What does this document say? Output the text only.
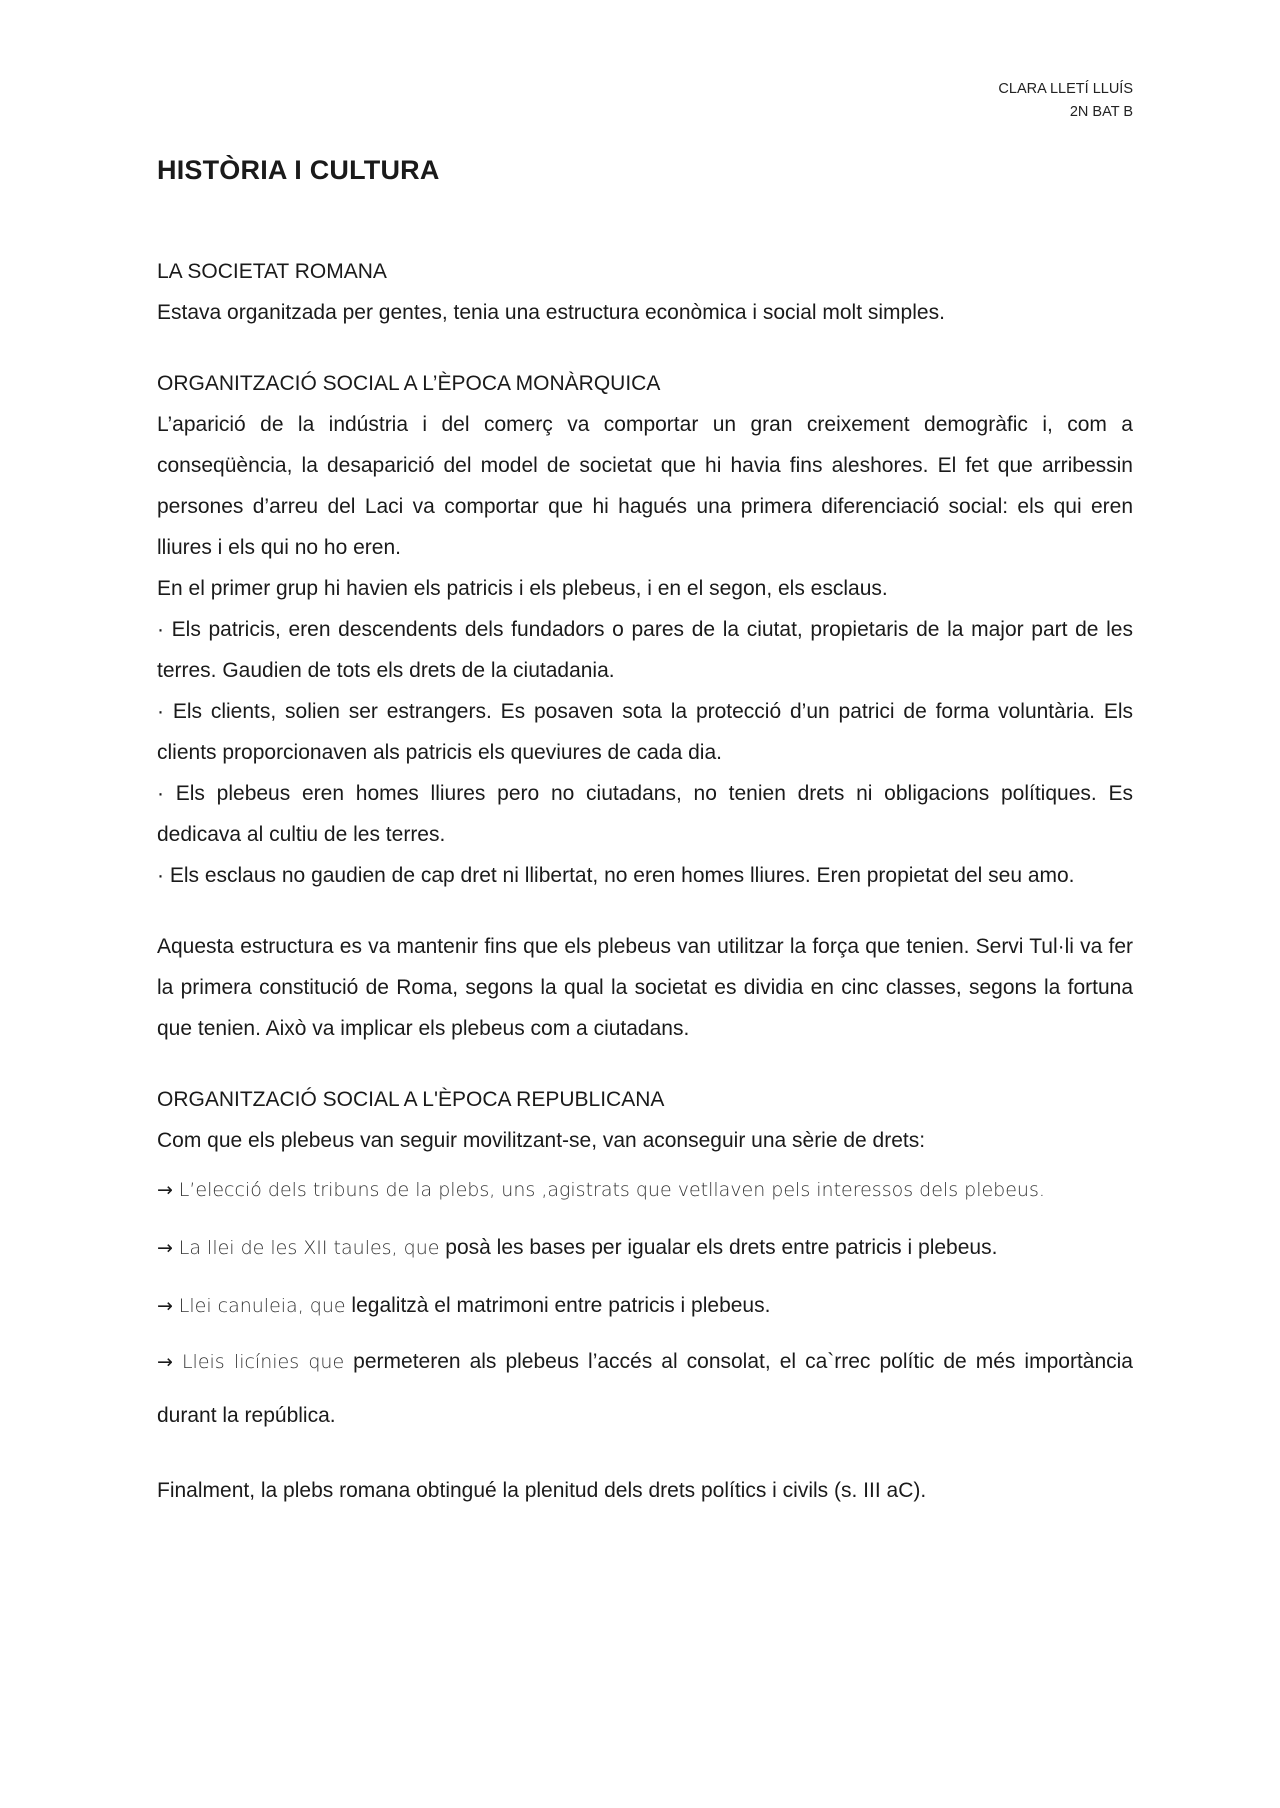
CLARA LLETÍ LLUÍS
2N BAT B
HISTÒRIA I CULTURA

LA SOCIETAT ROMANA

Estava organitzada per gentes, tenia una estructura econòmica i social molt simples.

ORGANITZACIÓ SOCIAL A L’ÈPOCA MONÀRQUICA

L’aparició de la indústria i del comerç va comportar un gran creixement demogràfic i, com a conseqüència, la desaparició del model de societat que hi havia fins aleshores. El fet que arribessin persones d’arreu del Laci va comportar que hi hagués una primera diferenciació social: els qui eren lliures i els qui no ho eren.

En el primer grup hi havien els patricis i els plebeus, i en el segon, els esclaus.

· Els patricis, eren descendents dels fundadors o pares de la ciutat, propietaris de la major part de les terres. Gaudien de tots els drets de la ciutadania.

· Els clients, solien ser estrangers. Es posaven sota la protecció d’un patrici de forma voluntària. Els clients proporcionaven als patricis els queviures de cada dia.

· Els plebeus eren homes lliures pero no ciutadans, no tenien drets ni obligacions polítiques. Es dedicava al cultiu de les terres.

· Els esclaus no gaudien de cap dret ni llibertat, no eren homes lliures. Eren propietat del seu amo.

Aquesta estructura es va mantenir fins que els plebeus van utilitzar la força que tenien. Servi Tul·li va fer la primera constitució de Roma, segons la qual la societat es dividia en cinc classes, segons la fortuna que tenien. Això va implicar els plebeus com a ciutadans.

ORGANITZACIÓ SOCIAL A L'ÈPOCA REPUBLICANA

Com que els plebeus van seguir movilitzant-se, van aconseguir una sèrie de drets:

→ L’elecció dels tribuns de la plebs, uns ,agistrats que vetllaven pels interessos dels plebeus.

→ La llei de les XII taules, que posà les bases per igualar els drets entre patricis i plebeus.

→ Llei canuleia, que legalitzà el matrimoni entre patricis i plebeus.

→ Lleis licínies que permeteren als plebeus l’accés al consolat, el ca`rrec polític de més importància durant la república.

Finalment, la plebs romana obtingué la plenitud dels drets polítics i civils (s. III aC).
